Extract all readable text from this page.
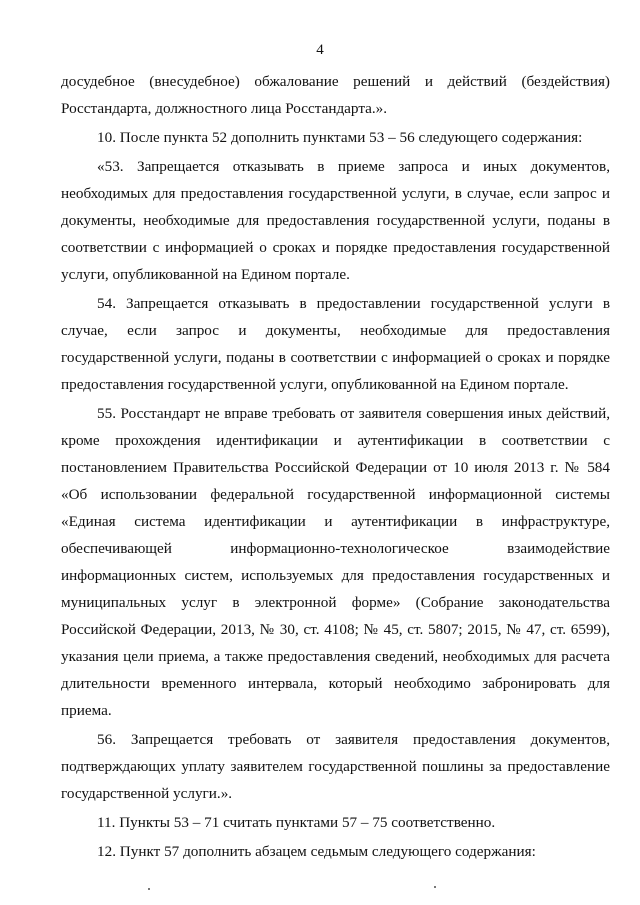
4

досудебное (внесудебное) обжалование решений и действий (бездействия) Росстандарта, должностного лица Росстандарта.».

10. После пункта 52 дополнить пунктами 53 – 56 следующего содержания:

«53. Запрещается отказывать в приеме запроса и иных документов, необходимых для предоставления государственной услуги, в случае, если запрос и документы, необходимые для предоставления государственной услуги, поданы в соответствии с информацией о сроках и порядке предоставления государственной услуги, опубликованной на Едином портале.

54. Запрещается отказывать в предоставлении государственной услуги в случае, если запрос и документы, необходимые для предоставления государственной услуги, поданы в соответствии с информацией о сроках и порядке предоставления государственной услуги, опубликованной на Едином портале.

55. Росстандарт не вправе требовать от заявителя совершения иных действий, кроме прохождения идентификации и аутентификации в соответствии с постановлением Правительства Российской Федерации от 10 июля 2013 г. № 584 «Об использовании федеральной государственной информационной системы «Единая система идентификации и аутентификации в инфраструктуре, обеспечивающей информационно-технологическое взаимодействие информационных систем, используемых для предоставления государственных и муниципальных услуг в электронной форме» (Собрание законодательства Российской Федерации, 2013, № 30, ст. 4108; № 45, ст. 5807; 2015, № 47, ст. 6599), указания цели приема, а также предоставления сведений, необходимых для расчета длительности временного интервала, который необходимо забронировать для приема.

56. Запрещается требовать от заявителя предоставления документов, подтверждающих уплату заявителем государственной пошлины за предоставление государственной услуги.».

11. Пункты 53 – 71 считать пунктами 57 – 75 соответственно.

12. Пункт 57 дополнить абзацем седьмым следующего содержания:
